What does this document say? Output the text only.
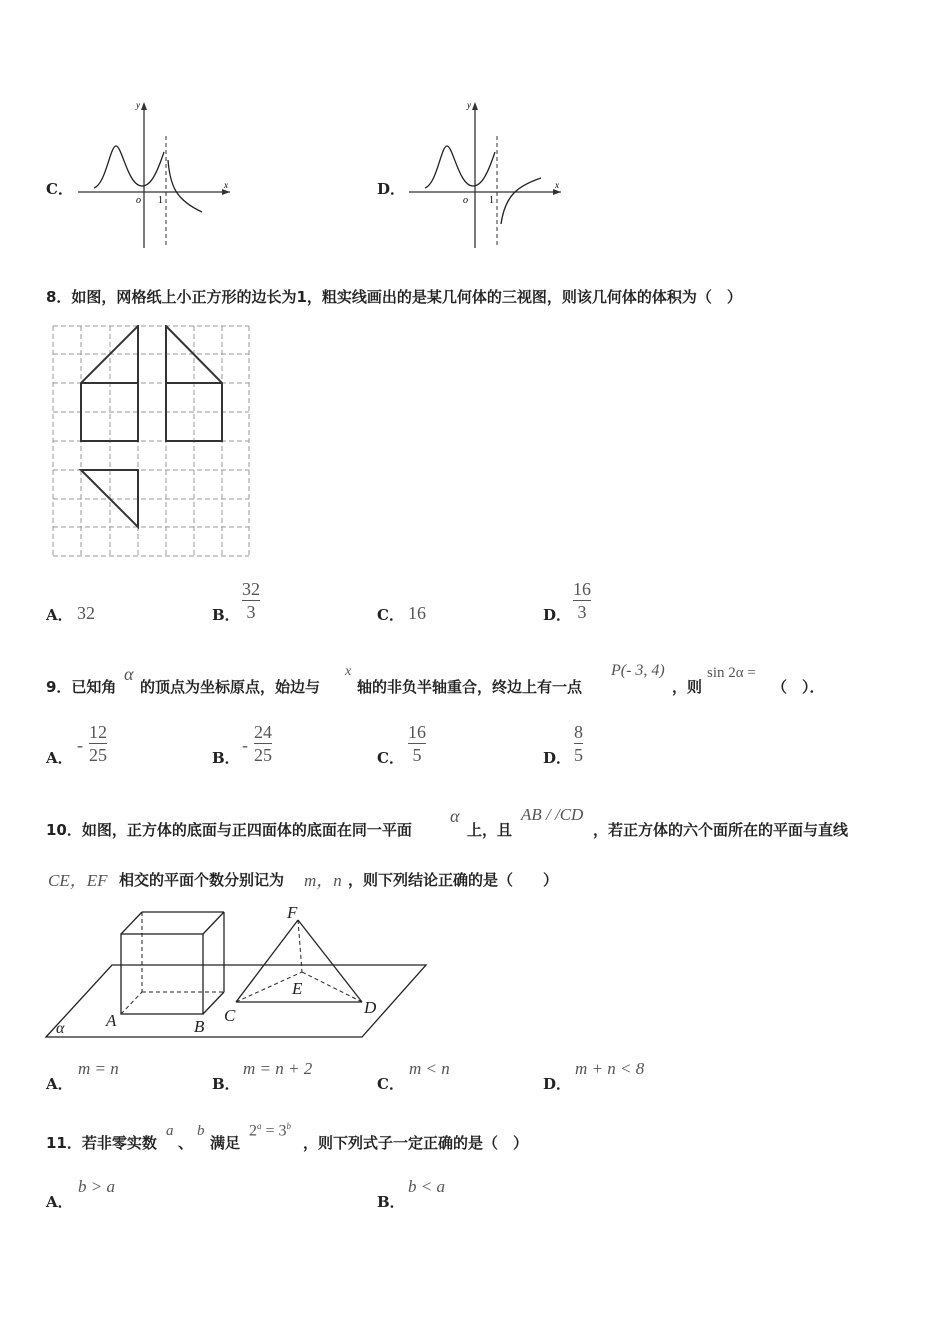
C．
o 1
x
y
D．
o 1
x
y
8．如图，网格纸上小正方形的边长为1，粗实线画出的是某几何体的三视图，则该几何体的体积为（　）
A． 32	B．
32
3	C． 16	D．
16
3
9．已知角
α
的顶点为坐标原点，始边与
x
轴的非负半轴重合，终边上有一点
P(- 3, 4)
，则
sin 2α =
（　）．
A．
-
12
25	B．
-
24
25	C．
16
5	D．
8
5
10．如图，正方体的底面与正四面体的底面在同一平面
α
上，且
AB / /CD
，若正方体的六个面所在的平面与直线
CE，EF 相交的平面个数分别记为 m，n ，则下列结论正确的是（　　）
A	B
C	D
E
F
α
A．
m = n
B．
m = n + 2
C．
m < n
D．
m + n < 8
11．若非零实数
a
、
b
满足
$2^a = 3^b$
，则下列式子一定正确的是（　）
A．
b > a
B．
b < a
